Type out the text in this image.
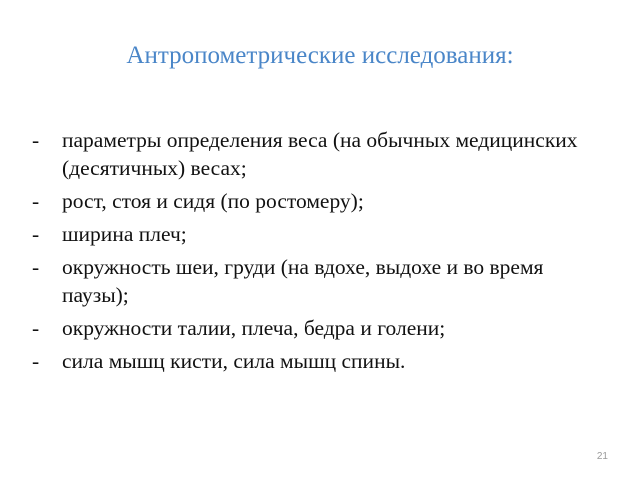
Антропометрические исследования:
-	параметры определения веса (на обычных медицинских (десятичных) весах;
-	рост, стоя и сидя (по ростомеру);
-	ширина плеч;
-	окружность шеи, груди (на вдохе, выдохе и во время паузы);
-	окружности талии, плеча, бедра и голени;
-	сила мышц кисти, сила мышц спины.
21
